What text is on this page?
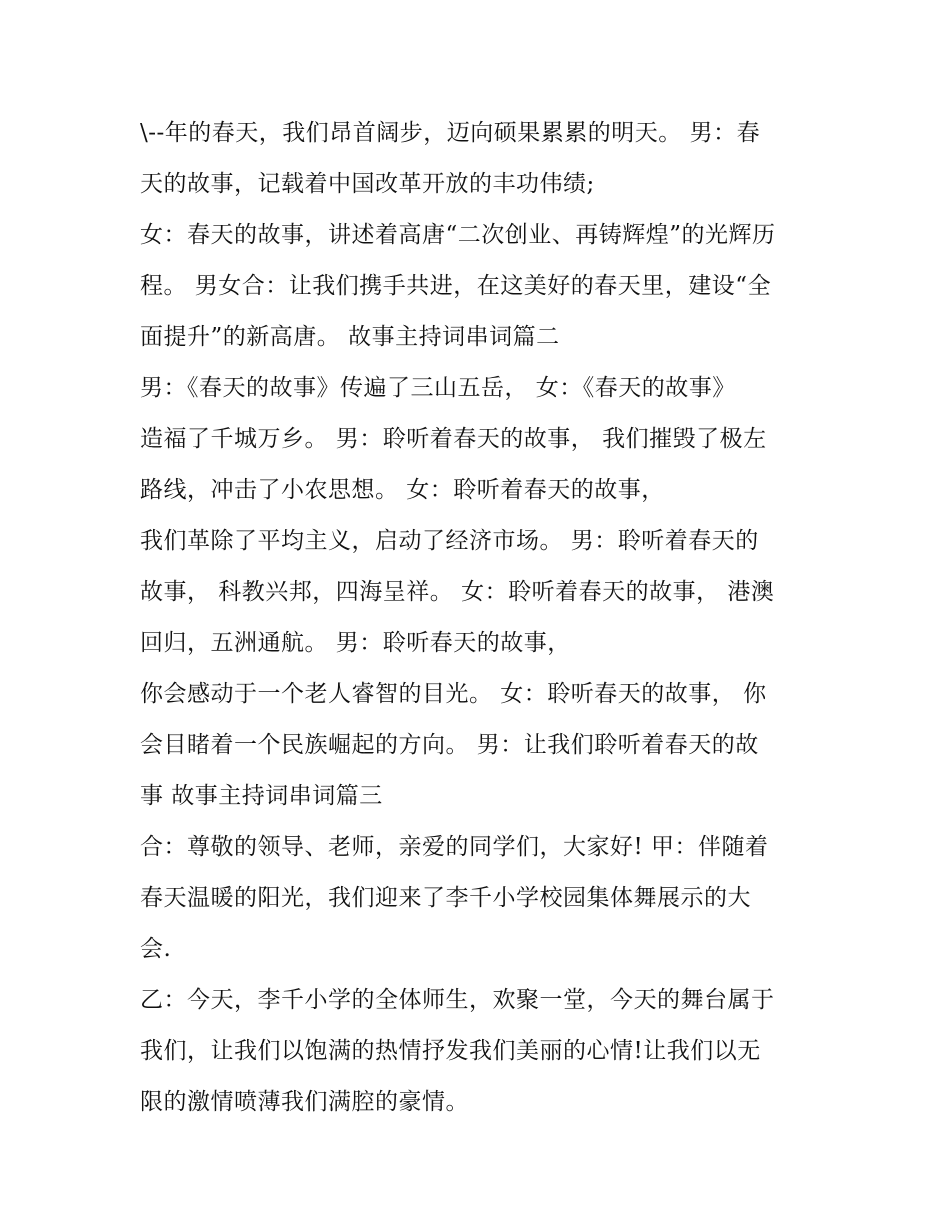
\--年的春天，我们昂首阔步，迈向硕果累累的明天。 男：春
天的故事，记载着中国改革开放的丰功伟绩;
女：春天的故事，讲述着高唐“二次创业、再铸辉煌”的光辉历
程。 男女合：让我们携手共进，在这美好的春天里，建设“全
面提升”的新高唐。 故事主持词串词篇二
男：《春天的故事》传遍了三山五岳， 女：《春天的故事》
造福了千城万乡。 男：聆听着春天的故事， 我们摧毁了极左
路线，冲击了小农思想。 女：聆听着春天的故事，
我们革除了平均主义，启动了经济市场。 男：聆听着春天的
故事， 科教兴邦，四海呈祥。 女：聆听着春天的故事， 港澳
回归，五洲通航。 男：聆听春天的故事，
你会感动于一个老人睿智的目光。 女：聆听春天的故事， 你
会目睹着一个民族崛起的方向。 男：让我们聆听着春天的故
事 故事主持词串词篇三
合：尊敬的领导、老师，亲爱的同学们，大家好! 甲：伴随着
春天温暖的阳光，我们迎来了李千小学校园集体舞展示的大
会.
乙：今天，李千小学的全体师生，欢聚一堂，今天的舞台属于
我们，让我们以饱满的热情抒发我们美丽的心情!让我们以无
限的激情喷薄我们满腔的豪情。
